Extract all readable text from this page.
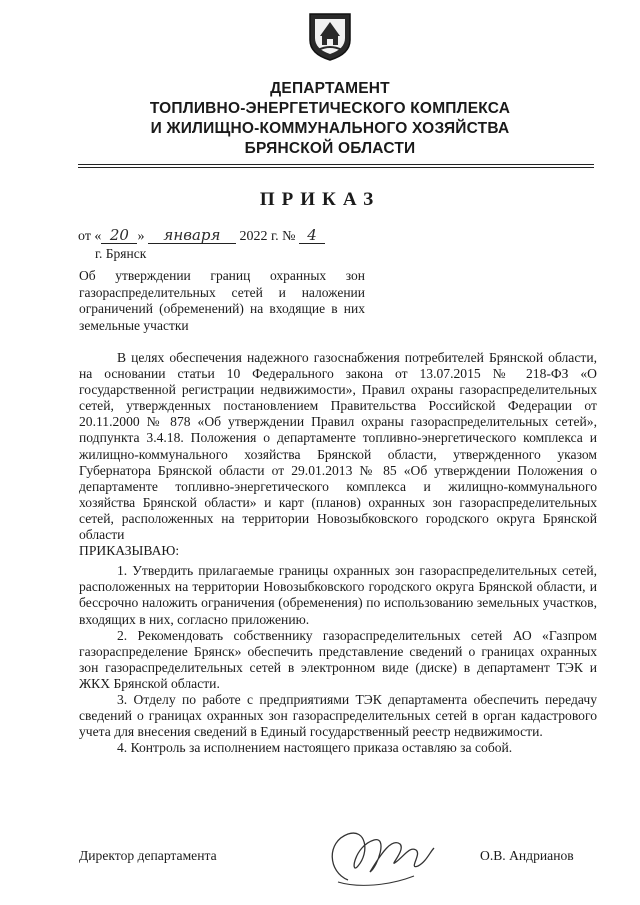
ДЕПАРТАМЕНТ
ТОПЛИВНО-ЭНЕРГЕТИЧЕСКОГО КОМПЛЕКСА
И ЖИЛИЩНО-КОММУНАЛЬНОГО ХОЗЯЙСТВА
БРЯНСКОЙ ОБЛАСТИ
ПРИКАЗ
от « 20 » января 2022 г. № 4
г. Брянск
Об утверждении границ охранных зон газораспределительных сетей и наложении ограничений (обременений) на входящие в них земельные участки

В целях обеспечения надежного газоснабжения потребителей Брянской области, на основании статьи 10 Федерального закона от 13.07.2015 № 218-ФЗ «О государственной регистрации недвижимости», Правил охраны газораспределительных сетей, утвержденных постановлением Правительства Российской Федерации от 20.11.2000 № 878 «Об утверждении Правил охраны газораспределительных сетей», подпункта 3.4.18. Положения о департаменте топливно-энергетического комплекса и жилищно-коммунального хозяйства Брянской области, утвержденного указом Губернатора Брянской области от 29.01.2013 № 85 «Об утверждении Положения о департаменте топливно-энергетического комплекса и жилищно-коммунального хозяйства Брянской области» и карт (планов) охранных зон газораспределительных сетей, расположенных на территории Новозыбковского городского округа Брянской области

ПРИКАЗЫВАЮ:

1. Утвердить прилагаемые границы охранных зон газораспределительных сетей, расположенных на территории Новозыбковского городского округа Брянской области, и бессрочно наложить ограничения (обременения) по использованию земельных участков, входящих в них, согласно приложению.

2. Рекомендовать собственнику газораспределительных сетей АО «Газпром газораспределение Брянск» обеспечить представление сведений о границах охранных зон газораспределительных сетей в электронном виде (диске) в департамент ТЭК и ЖКХ Брянской области.

3. Отделу по работе с предприятиями ТЭК департамента обеспечить передачу сведений о границах охранных зон газораспределительных сетей в орган кадастрового учета для внесения сведений в Единый государственный реестр недвижимости.

4. Контроль за исполнением настоящего приказа оставляю за собой.

Директор департамента	О.В. Андрианов
